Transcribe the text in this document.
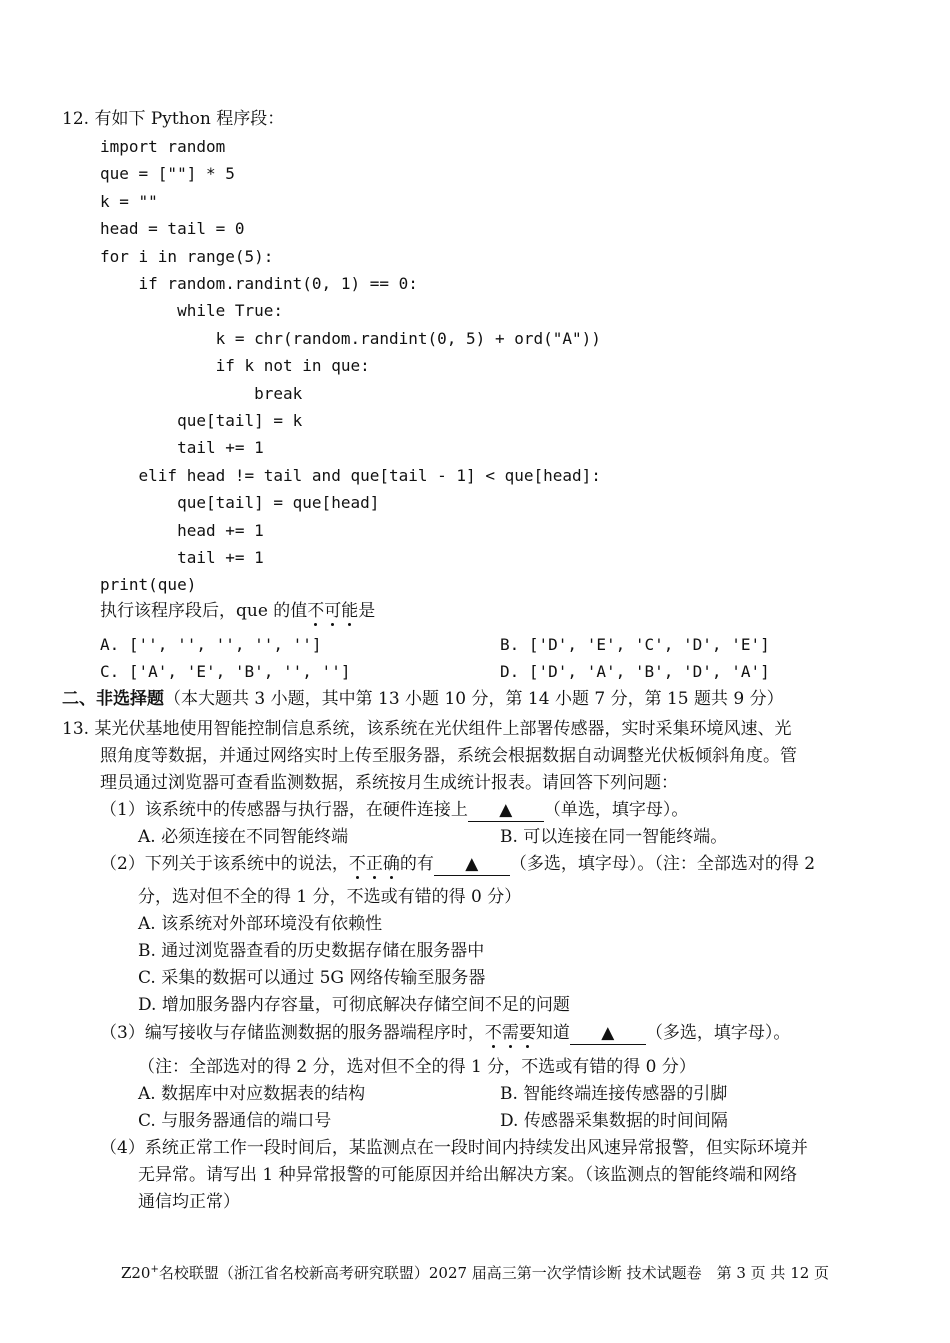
12. 有如下 Python 程序段：
import random
que = [""] * 5
k = ""
head = tail = 0
for i in range(5):
if random.randint(0, 1) == 0:
while True:
k = chr(random.randint(0, 5) + ord("A"))
if k not in que:
break
que[tail] = k
tail += 1
elif head != tail and que[tail - 1] < que[head]:
que[tail] = que[head]
head += 1
tail += 1
print(que)
执行该程序段后，que 的值不可能是
A. ['', '', '', '', '']	B. ['D', 'E', 'C', 'D', 'E']
C. ['A', 'E', 'B', '', '']	D. ['D', 'A', 'B', 'D', 'A']
二、非选择题（本大题共 3 小题，其中第 13 小题 10 分，第 14 小题 7 分，第 15 题共 9 分）
13. 某光伏基地使用智能控制信息系统，该系统在光伏组件上部署传感器，实时采集环境风速、光
照角度等数据，并通过网络实时上传至服务器，系统会根据数据自动调整光伏板倾斜角度。管
理员通过浏览器可查看监测数据，系统按月生成统计报表。请回答下列问题：
（1）该系统中的传感器与执行器，在硬件连接上 ▲ （单选，填字母）。
A. 必须连接在不同智能终端	B. 可以连接在同一智能终端。
（2）下列关于该系统中的说法，不正确的有 ▲ （多选，填字母）。（注：全部选对的得 2
分，选对但不全的得 1 分，不选或有错的得 0 分）
A. 该系统对外部环境没有依赖性
B. 通过浏览器查看的历史数据存储在服务器中
C. 采集的数据可以通过 5G 网络传输至服务器
D. 增加服务器内存容量，可彻底解决存储空间不足的问题
（3）编写接收与存储监测数据的服务器端程序时，不需要知道 ▲ （多选，填字母）。
（注：全部选对的得 2 分，选对但不全的得 1 分，不选或有错的得 0 分）
A. 数据库中对应数据表的结构	B. 智能终端连接传感器的引脚
C. 与服务器通信的端口号	D. 传感器采集数据的时间间隔
（4）系统正常工作一段时间后，某监测点在一段时间内持续发出风速异常报警，但实际环境并
无异常。请写出 1 种异常报警的可能原因并给出解决方案。（该监测点的智能终端和网络
通信均正常）
Z20+名校联盟（浙江省名校新高考研究联盟）2027 届高三第一次学情诊断 技术试题卷　第 3 页 共 12 页
